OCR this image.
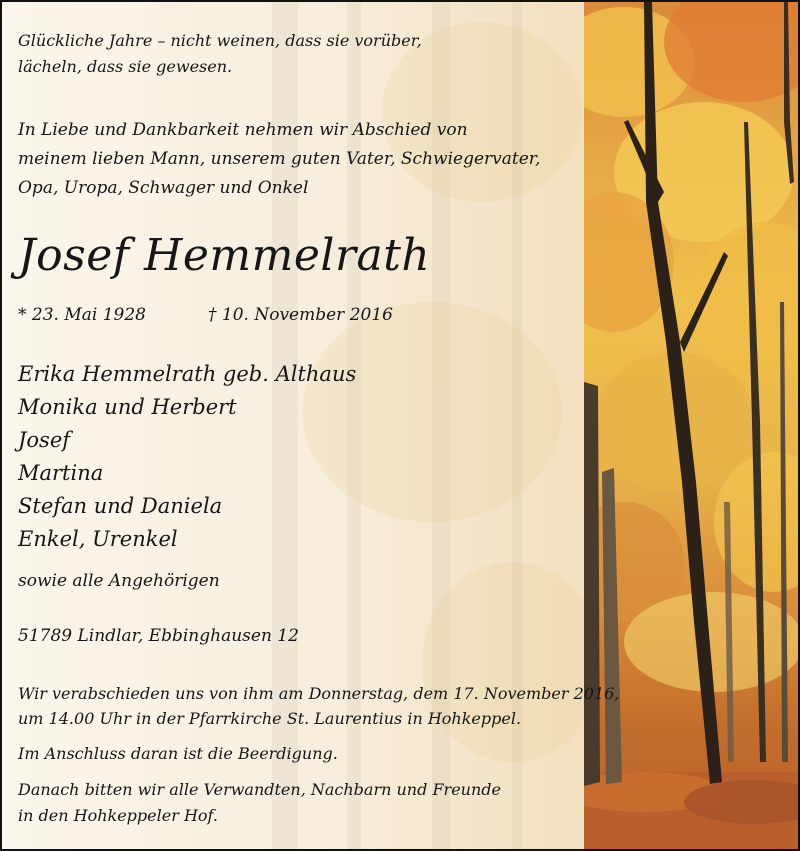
Glückliche Jahre – nicht weinen, dass sie vorüber,
lächeln, dass sie gewesen.
In Liebe und Dankbarkeit nehmen wir Abschied von
meinem lieben Mann, unserem guten Vater, Schwiegervater,
Opa, Uropa, Schwager und Onkel
Josef Hemmelrath
* 23. Mai 1928	† 10. November 2016
Erika Hemmelrath geb. Althaus
Monika und Herbert
Josef
Martina
Stefan und Daniela
Enkel, Urenkel
sowie alle Angehörigen
51789 Lindlar, Ebbinghausen 12
Wir verabschieden uns von ihm am Donnerstag, dem 17. November 2016,
um 14.00 Uhr in der Pfarrkirche St. Laurentius in Hohkeppel.
Im Anschluss daran ist die Beerdigung.
Danach bitten wir alle Verwandten, Nachbarn und Freunde
in den Hohkeppeler Hof.
